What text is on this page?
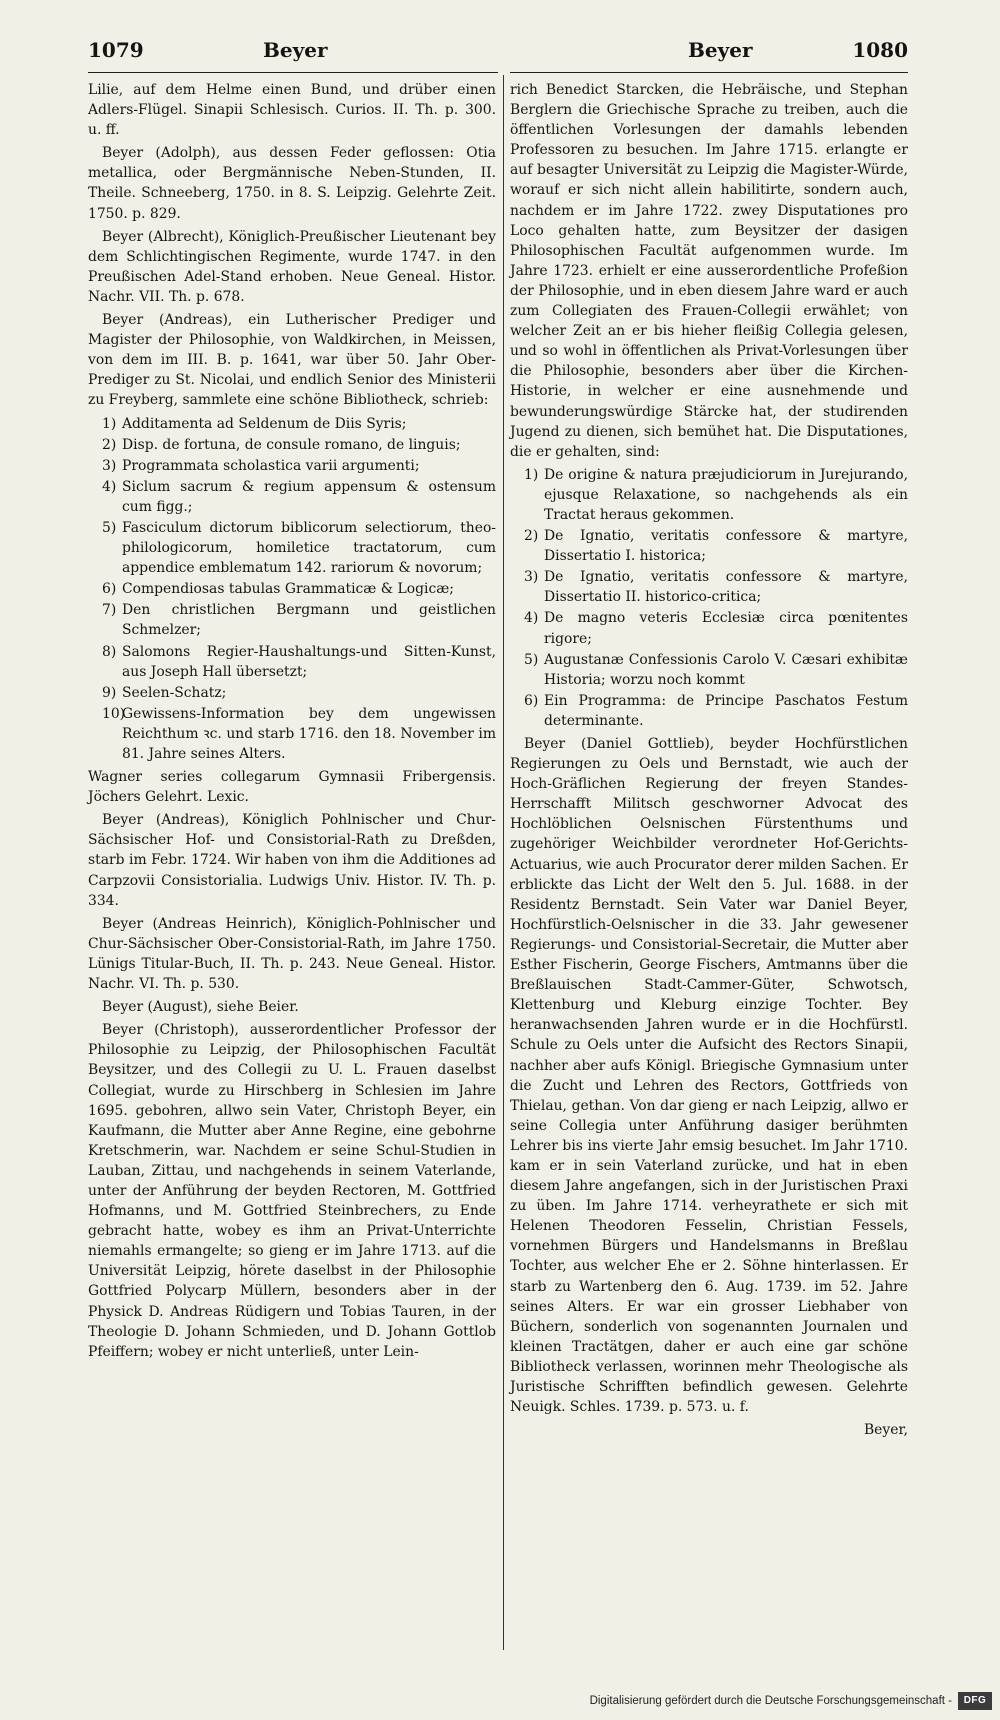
1079	Beyer	Beyer	1080

Lilie, auf dem Helme einen Bund, und drüber einen Adlers-Flügel. Sinapii Schlesisch. Curios. II. Th. p. 300. u. ff.

Beyer (Adolph), aus dessen Feder geflossen: Otia metallica, oder Bergmännische Neben-Stunden, II. Theile. Schneeberg, 1750. in 8. S. Leipzig. Gelehrte Zeit. 1750. p. 829.

Beyer (Albrecht), Königlich-Preußischer Lieutenant bey dem Schlichtingischen Regimente, wurde 1747. in den Preußischen Adel-Stand erhoben. Neue Geneal. Histor. Nachr. VII. Th. p. 678.

Beyer (Andreas), ein Lutherischer Prediger und Magister der Philosophie, von Waldkirchen, in Meissen, von dem im III. B. p. 1641, war über 50. Jahr Ober-Prediger zu St. Nicolai, und endlich Senior des Ministerii zu Freyberg, sammlete eine schöne Bibliotheck, schrieb:

1) Additamenta ad Seldenum de Diis Syris;
2) Disp. de fortuna, de consule romano, de linguis;
3) Programmata scholastica varii argumenti;
4) Siclum sacrum & regium appensum & ostensum cum figg.;
5) Fasciculum dictorum biblicorum selectiorum, theo-philologicorum, homiletice tractatorum, cum appendice emblematum 142. rariorum & novorum;
6) Compendiosas tabulas Grammaticæ & Logicæ;
7) Den christlichen Bergmann und geistlichen Schmelzer;
8) Salomons Regier-Haushaltungs-und Sitten-Kunst, aus Joseph Hall übersetzt;
9) Seelen-Schatz;
10)
Gewissens-Information bey dem ungewissen Reichthum ꝛc. und starb 1716. den 18. November im 81. Jahre seines Alters.

Wagner series collegarum Gymnasii Fribergensis. Jöchers Gelehrt. Lexic.

Beyer (Andreas), Königlich Pohlnischer und Chur-Sächsischer Hof- und Consistorial-Rath zu Dreßden, starb im Febr. 1724. Wir haben von ihm die Additiones ad Carpzovii Consistorialia. Ludwigs Univ. Histor. IV. Th. p. 334.

Beyer (Andreas Heinrich), Königlich-Pohlnischer und Chur-Sächsischer Ober-Consistorial-Rath, im Jahre 1750. Lünigs Titular-Buch, II. Th. p. 243. Neue Geneal. Histor. Nachr. VI. Th. p. 530.

Beyer (August), siehe Beier.

Beyer (Christoph), ausserordentlicher Professor der Philosophie zu Leipzig, der Philosophischen Facultät Beysitzer, und des Collegii zu U. L. Frauen daselbst Collegiat, wurde zu Hirschberg in Schlesien im Jahre 1695. gebohren, allwo sein Vater, Christoph Beyer, ein Kaufmann, die Mutter aber Anne Regine, eine gebohrne Kretschmerin, war. Nachdem er seine Schul-Studien in Lauban, Zittau, und nachgehends in seinem Vaterlande, unter der Anführung der beyden Rectoren, M. Gottfried Hofmanns, und M. Gottfried Steinbrechers, zu Ende gebracht hatte, wobey es ihm an Privat-Unterrichte niemahls ermangelte; so gieng er im Jahre 1713. auf die Universität Leipzig, hörete daselbst in der Philosophie Gottfried Polycarp Müllern, besonders aber in der Physick D. Andreas Rüdigern und Tobias Tauren, in der Theologie D. Johann Schmieden, und D. Johann Gottlob Pfeiffern; wobey er nicht unterließ, unter Lein-

rich Benedict Starcken, die Hebräische, und Stephan Berglern die Griechische Sprache zu treiben, auch die öffentlichen Vorlesungen der damahls lebenden Professoren zu besuchen. Im Jahre 1715. erlangte er auf besagter Universität zu Leipzig die Magister-Würde, worauf er sich nicht allein habilitirte, sondern auch, nachdem er im Jahre 1722. zwey Disputationes pro Loco gehalten hatte, zum Beysitzer der dasigen Philosophischen Facultät aufgenommen wurde. Im Jahre 1723. erhielt er eine ausserordentliche Profeßion der Philosophie, und in eben diesem Jahre ward er auch zum Collegiaten des Frauen-Collegii erwählet; von welcher Zeit an er bis hieher fleißig Collegia gelesen, und so wohl in öffentlichen als Privat-Vorlesungen über die Philosophie, besonders aber über die Kirchen-Historie, in welcher er eine ausnehmende und bewunderungswürdige Stärcke hat, der studirenden Jugend zu dienen, sich bemühet hat. Die Disputationes, die er gehalten, sind:

1) De origine & natura præjudiciorum in Jurejurando, ejusque Relaxatione, so nachgehends als ein Tractat heraus gekommen.
2) De Ignatio, veritatis confessore & martyre, Dissertatio I. historica;
3) De Ignatio, veritatis confessore & martyre, Dissertatio II. historico-critica;
4) De magno veteris Ecclesiæ circa pœnitentes rigore;
5) Augustanæ Confessionis Carolo V. Cæsari exhibitæ Historia; worzu noch kommt
6) Ein Programma: de Principe Paschatos Festum determinante.

Beyer (Daniel Gottlieb), beyder Hochfürstlichen Regierungen zu Oels und Bernstadt, wie auch der Hoch-Gräflichen Regierung der freyen Standes-Herrschafft Militsch geschworner Advocat des Hochlöblichen Oelsnischen Fürstenthums und zugehöriger Weichbilder verordneter Hof-Gerichts-Actuarius, wie auch Procurator derer milden Sachen. Er erblickte das Licht der Welt den 5. Jul. 1688. in der Residentz Bernstadt. Sein Vater war Daniel Beyer, Hochfürstlich-Oelsnischer in die 33. Jahr gewesener Regierungs- und Consistorial-Secretair, die Mutter aber Esther Fischerin, George Fischers, Amtmanns über die Breßlauischen Stadt-Cammer-Güter, Schwotsch, Klettenburg und Kleburg einzige Tochter. Bey heranwachsenden Jahren wurde er in die Hochfürstl. Schule zu Oels unter die Aufsicht des Rectors Sinapii, nachher aber aufs Königl. Briegische Gymnasium unter die Zucht und Lehren des Rectors, Gottfrieds von Thielau, gethan. Von dar gieng er nach Leipzig, allwo er seine Collegia unter Anführung dasiger berühmten Lehrer bis ins vierte Jahr emsig besuchet. Im Jahr 1710. kam er in sein Vaterland zurücke, und hat in eben diesem Jahre angefangen, sich in der Juristischen Praxi zu üben. Im Jahre 1714. verheyrathete er sich mit Helenen Theodoren Fesselin, Christian Fessels, vornehmen Bürgers und Handelsmanns in Breßlau Tochter, aus welcher Ehe er 2. Söhne hinterlassen. Er starb zu Wartenberg den 6. Aug. 1739. im 52. Jahre seines Alters. Er war ein grosser Liebhaber von Büchern, sonderlich von sogenannten Journalen und kleinen Tractätgen, daher er auch eine gar schöne Bibliotheck verlassen, worinnen mehr Theologische als Juristische Schrifften befindlich gewesen. Gelehrte Neuigk. Schles. 1739. p. 573. u. f.

Beyer,

Digitalisierung gefördert durch die Deutsche Forschungsgemeinschaft -	DFG
